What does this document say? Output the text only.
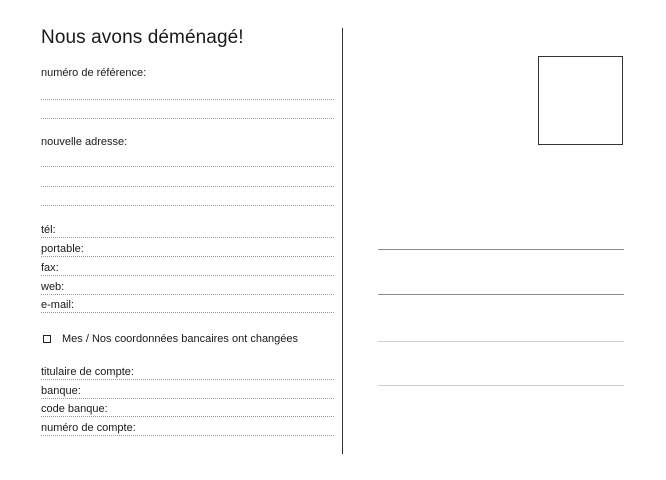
Nous avons déménagé!
numéro de référence:
nouvelle adresse:
tél:
portable:
fax:
web:
e-mail:
Mes / Nos coordonnées bancaires ont changées
titulaire de compte:
banque:
code banque:
numéro de compte:
